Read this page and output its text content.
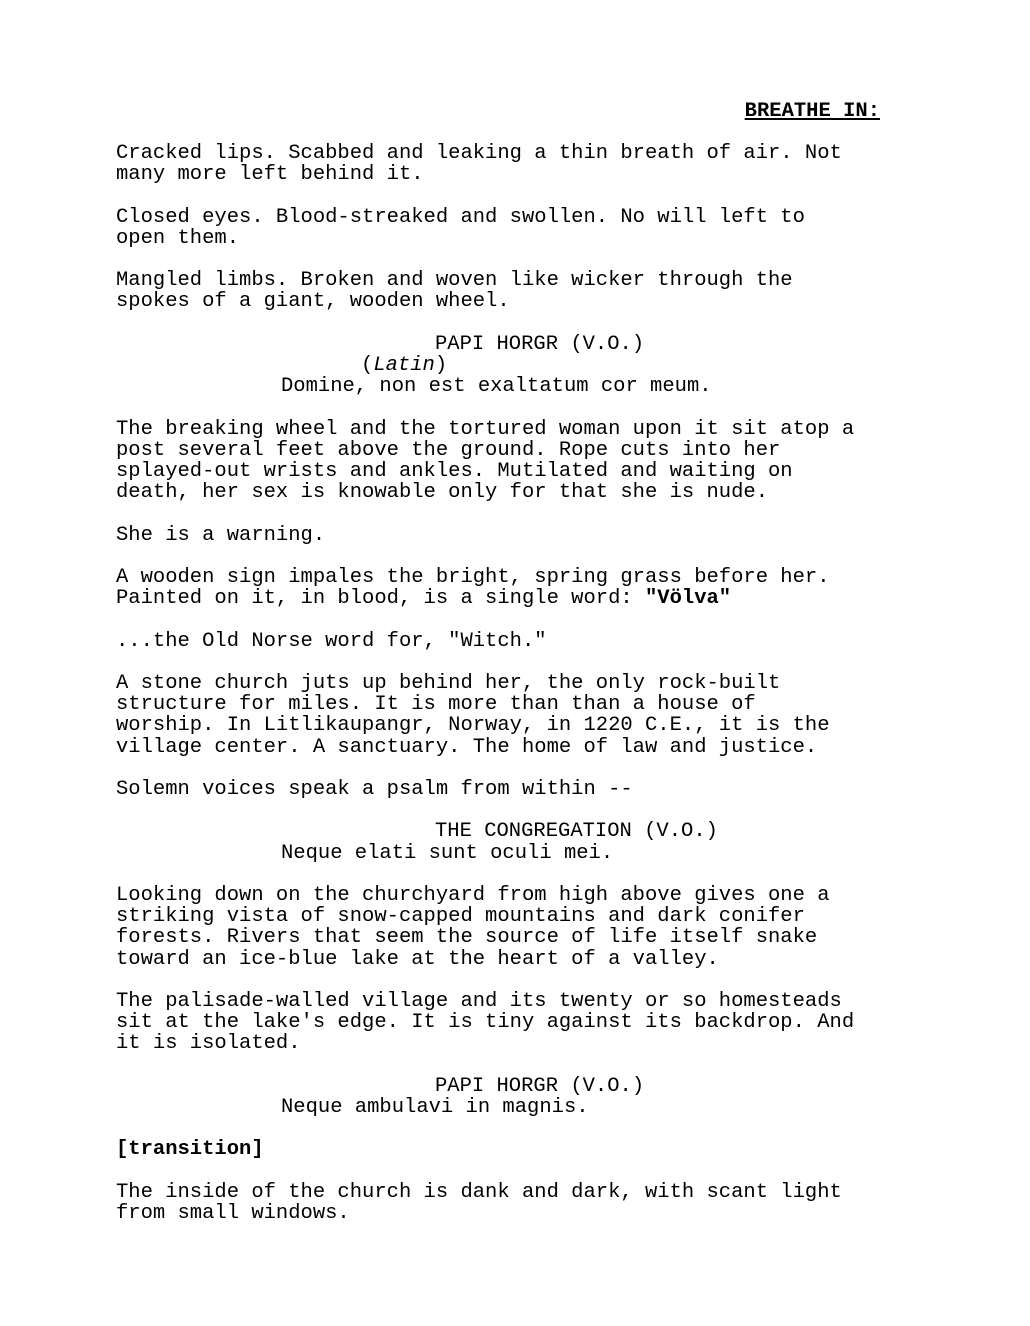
BREATHE IN:

Cracked lips. Scabbed and leaking a thin breath of air. Not
many more left behind it.

Closed eyes. Blood-streaked and swollen. No will left to
open them.

Mangled limbs. Broken and woven like wicker through the
spokes of a giant, wooden wheel.

PAPI HORGR (V.O.)
(Latin)
Domine, non est exaltatum cor meum.

The breaking wheel and the tortured woman upon it sit atop a
post several feet above the ground. Rope cuts into her
splayed-out wrists and ankles. Mutilated and waiting on
death, her sex is knowable only for that she is nude.

She is a warning.

A wooden sign impales the bright, spring grass before her.
Painted on it, in blood, is a single word: "Völva"

...the Old Norse word for, "Witch."

A stone church juts up behind her, the only rock-built
structure for miles. It is more than than a house of
worship. In Litlikaupangr, Norway, in 1220 C.E., it is the
village center. A sanctuary. The home of law and justice.

Solemn voices speak a psalm from within --

THE CONGREGATION (V.O.)
Neque elati sunt oculi mei.

Looking down on the churchyard from high above gives one a
striking vista of snow-capped mountains and dark conifer
forests. Rivers that seem the source of life itself snake
toward an ice-blue lake at the heart of a valley.

The palisade-walled village and its twenty or so homesteads
sit at the lake's edge. It is tiny against its backdrop. And
it is isolated.

PAPI HORGR (V.O.)
Neque ambulavi in magnis.

[transition]

The inside of the church is dank and dark, with scant light
from small windows.
